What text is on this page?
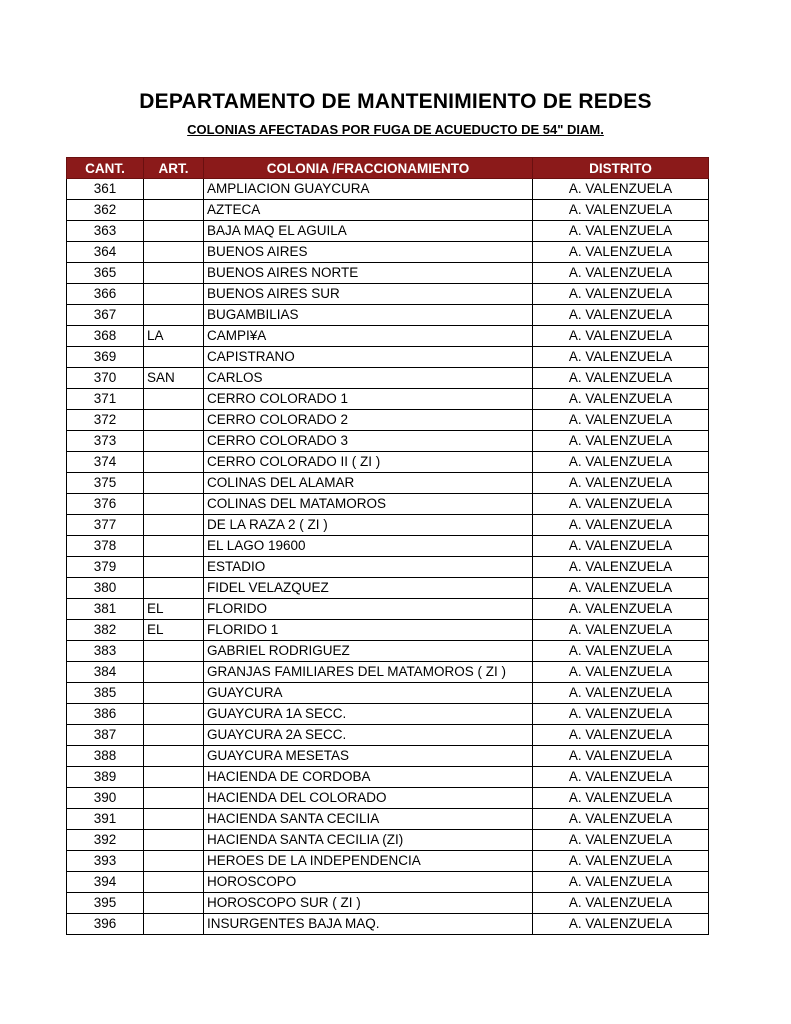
DEPARTAMENTO DE MANTENIMIENTO DE REDES
COLONIAS AFECTADAS POR FUGA DE ACUEDUCTO DE 54" DIAM.
CANT.	ART.	COLONIA /FRACCIONAMIENTO	DISTRITO
361		AMPLIACION GUAYCURA	A. VALENZUELA
362		AZTECA	A. VALENZUELA
363		BAJA MAQ EL AGUILA	A. VALENZUELA
364		BUENOS AIRES	A. VALENZUELA
365		BUENOS AIRES NORTE	A. VALENZUELA
366		BUENOS AIRES SUR	A. VALENZUELA
367		BUGAMBILIAS	A. VALENZUELA
368	LA	CAMPI¥A	A. VALENZUELA
369		CAPISTRANO	A. VALENZUELA
370	SAN	CARLOS	A. VALENZUELA
371		CERRO COLORADO 1	A. VALENZUELA
372		CERRO COLORADO 2	A. VALENZUELA
373		CERRO COLORADO 3	A. VALENZUELA
374		CERRO COLORADO II ( ZI )	A. VALENZUELA
375		COLINAS DEL ALAMAR	A. VALENZUELA
376		COLINAS DEL MATAMOROS	A. VALENZUELA
377		DE LA RAZA 2 ( ZI )	A. VALENZUELA
378		EL LAGO 19600	A. VALENZUELA
379		ESTADIO	A. VALENZUELA
380		FIDEL VELAZQUEZ	A. VALENZUELA
381	EL	FLORIDO	A. VALENZUELA
382	EL	FLORIDO 1	A. VALENZUELA
383		GABRIEL RODRIGUEZ	A. VALENZUELA
384		GRANJAS FAMILIARES DEL MATAMOROS ( ZI )	A. VALENZUELA
385		GUAYCURA	A. VALENZUELA
386		GUAYCURA 1A SECC.	A. VALENZUELA
387		GUAYCURA 2A SECC.	A. VALENZUELA
388		GUAYCURA MESETAS	A. VALENZUELA
389		HACIENDA DE CORDOBA	A. VALENZUELA
390		HACIENDA DEL COLORADO	A. VALENZUELA
391		HACIENDA SANTA CECILIA	A. VALENZUELA
392		HACIENDA SANTA CECILIA (ZI)	A. VALENZUELA
393		HEROES DE LA INDEPENDENCIA	A. VALENZUELA
394		HOROSCOPO	A. VALENZUELA
395		HOROSCOPO SUR ( ZI )	A. VALENZUELA
396		INSURGENTES BAJA MAQ.	A. VALENZUELA
